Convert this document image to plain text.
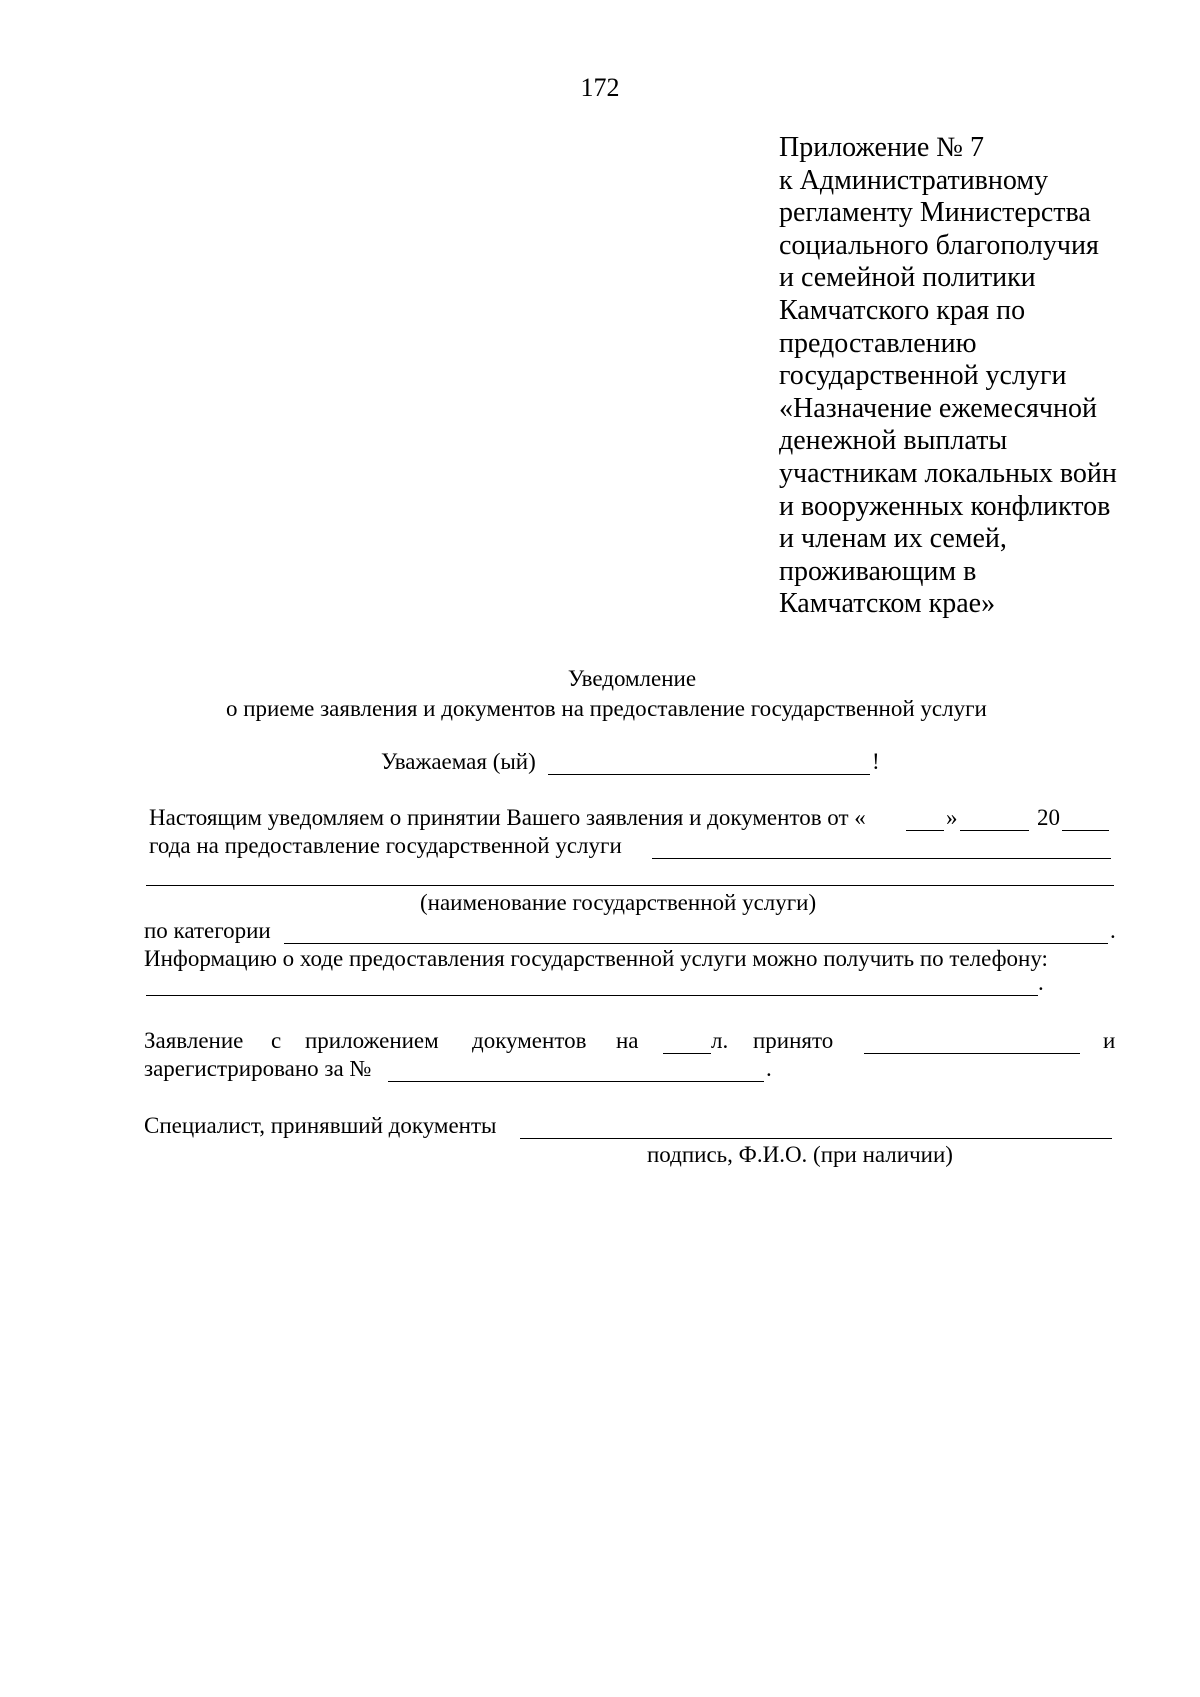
172
Приложение № 7
к Административному
регламенту Министерства
социального благополучия
и семейной политики
Камчатского края по
предоставлению
государственной услуги
«Назначение ежемесячной
денежной выплаты
участникам локальных войн
и вооруженных конфликтов
и членам их семей,
проживающим в
Камчатском крае»
Уведомление
о приеме заявления и документов на предоставление государственной услуги
Уважаемая (ый)	!
Настоящим уведомляем о принятии Вашего заявления и документов от «	»	20
года на предоставление государственной услуги
(наименование государственной услуги)
по категории	.
Информацию о ходе предоставления государственной услуги можно получить по телефону:
.
Заявление с приложением документов на	л. принято	и
зарегистрировано за №	.
Специалист, принявший документы
подпись, Ф.И.О. (при наличии)
